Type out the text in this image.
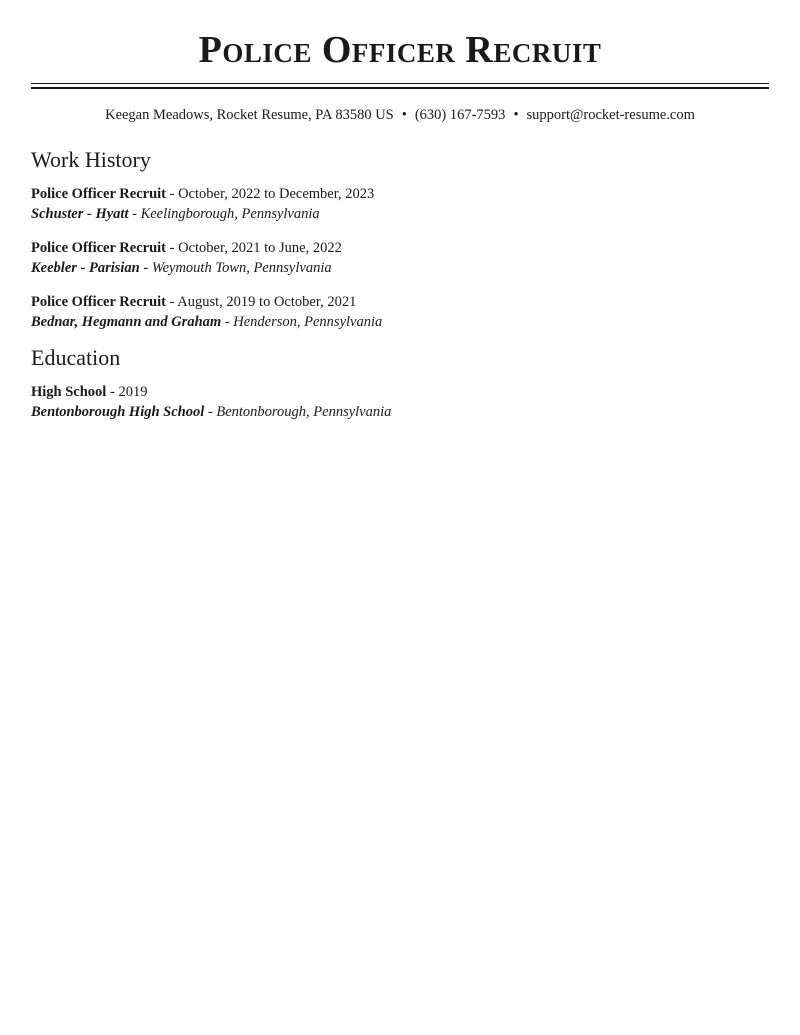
Police Officer Recruit
Keegan Meadows, Rocket Resume, PA 83580 US • (630) 167-7593 • support@rocket-resume.com
Work History
Police Officer Recruit - October, 2022 to December, 2023
Schuster - Hyatt - Keelingborough, Pennsylvania
Police Officer Recruit - October, 2021 to June, 2022
Keebler - Parisian - Weymouth Town, Pennsylvania
Police Officer Recruit - August, 2019 to October, 2021
Bednar, Hegmann and Graham - Henderson, Pennsylvania
Education
High School - 2019
Bentonborough High School - Bentonborough, Pennsylvania
